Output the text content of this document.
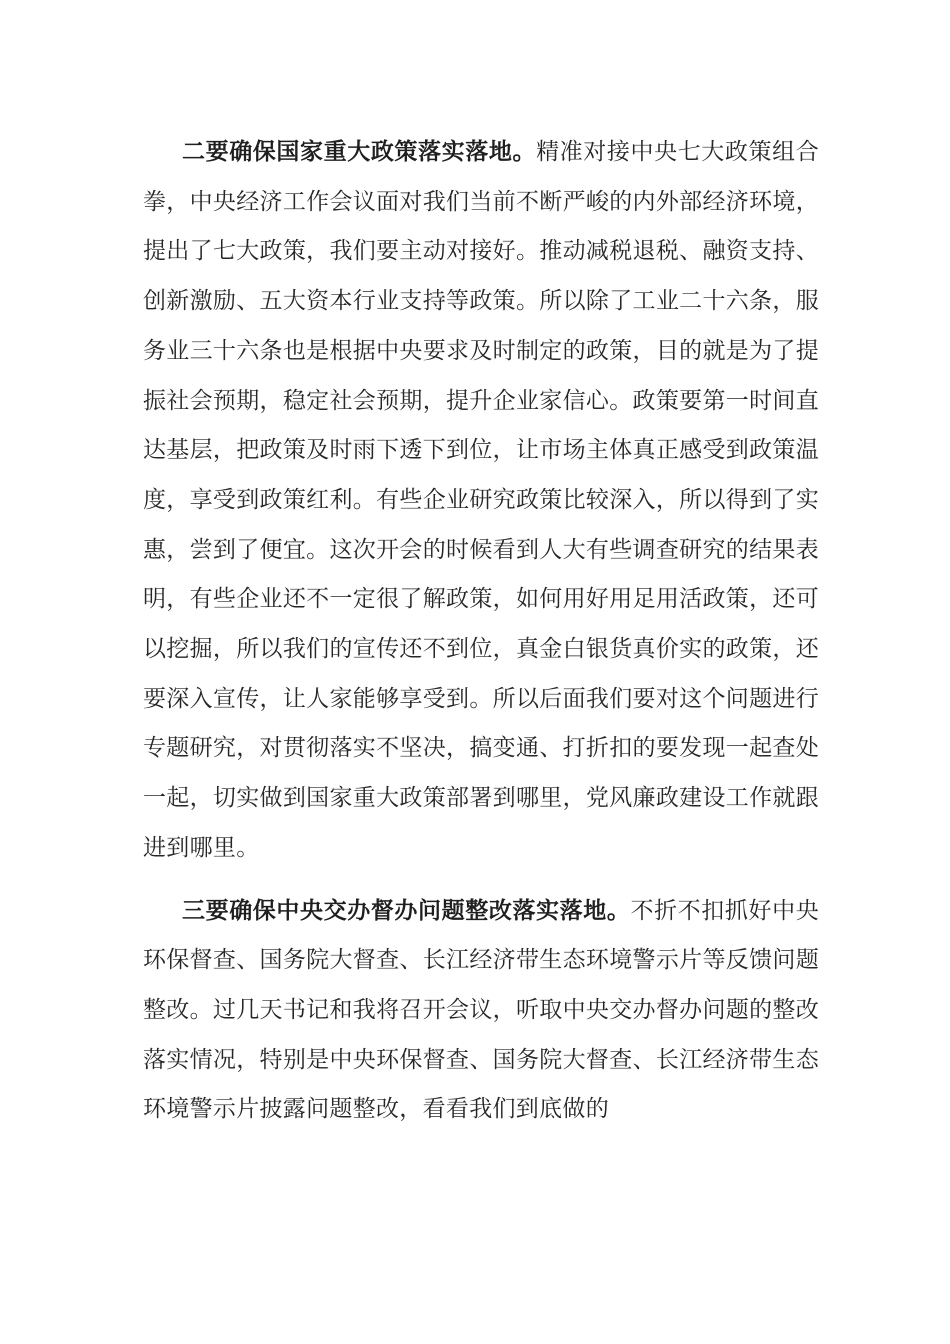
二要确保国家重大政策落实落地。精准对接中央七大政策组合拳，中央经济工作会议面对我们当前不断严峻的内外部经济环境，提出了七大政策，我们要主动对接好。推动减税退税、融资支持、创新激励、五大资本行业支持等政策。所以除了工业二十六条，服务业三十六条也是根据中央要求及时制定的政策，目的就是为了提振社会预期，稳定社会预期，提升企业家信心。政策要第一时间直达基层，把政策及时雨下透下到位，让市场主体真正感受到政策温度，享受到政策红利。有些企业研究政策比较深入，所以得到了实惠，尝到了便宜。这次开会的时候看到人大有些调查研究的结果表明，有些企业还不一定很了解政策，如何用好用足用活政策，还可以挖掘，所以我们的宣传还不到位，真金白银货真价实的政策，还要深入宣传，让人家能够享受到。所以后面我们要对这个问题进行专题研究，对贯彻落实不坚决，搞变通、打折扣的要发现一起查处一起，切实做到国家重大政策部署到哪里，党风廉政建设工作就跟进到哪里。

三要确保中央交办督办问题整改落实落地。不折不扣抓好中央环保督查、国务院大督查、长江经济带生态环境警示片等反馈问题整改。过几天书记和我将召开会议，听取中央交办督办问题的整改落实情况，特别是中央环保督查、国务院大督查、长江经济带生态环境警示片披露问题整改，看看我们到底做的
